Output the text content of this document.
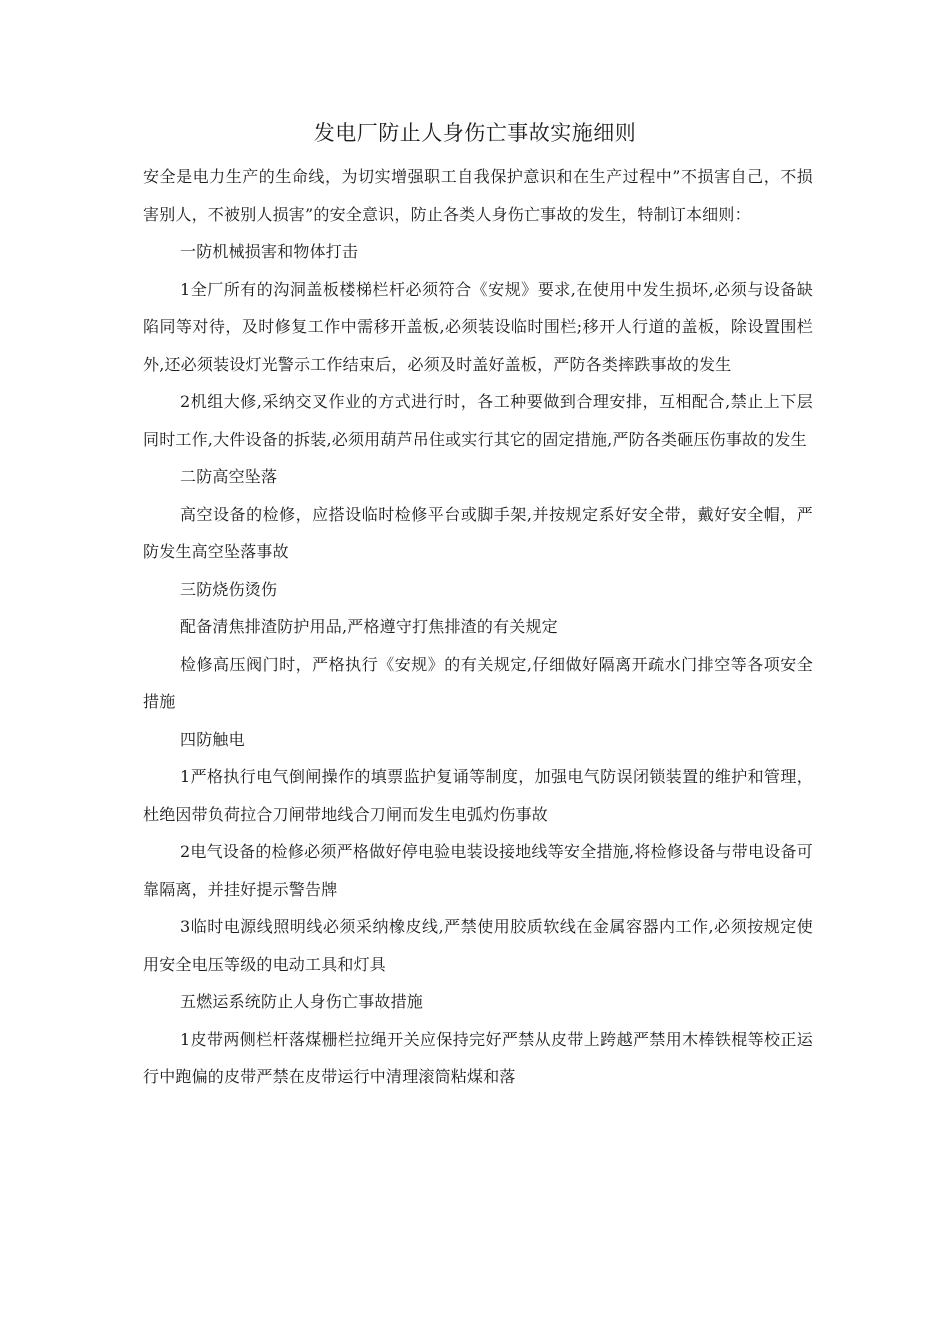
发电厂防止人身伤亡事故实施细则

安全是电力生产的生命线，为切实增强职工自我保护意识和在生产过程中”不损害自己，不损害别人，不被别人损害”的安全意识，防止各类人身伤亡事故的发生，特制订本细则：

一防机械损害和物体打击

1全厂所有的沟洞盖板楼梯栏杆必须符合《安规》要求,在使用中发生损坏,必须与设备缺陷同等对待，及时修复工作中需移开盖板,必须装设临时围栏;移开人行道的盖板，除设置围栏外,还必须装设灯光警示工作结束后，必须及时盖好盖板，严防各类摔跌事故的发生

2机组大修,采纳交叉作业的方式进行时，各工种要做到合理安排，互相配合,禁止上下层同时工作,大件设备的拆装,必须用葫芦吊住或实行其它的固定措施,严防各类砸压伤事故的发生

二防高空坠落

高空设备的检修，应搭设临时检修平台或脚手架,并按规定系好安全带，戴好安全帽，严防发生高空坠落事故

三防烧伤烫伤

配备清焦排渣防护用品,严格遵守打焦排渣的有关规定

检修高压阀门时，严格执行《安规》的有关规定,仔细做好隔离开疏水门排空等各项安全措施

四防触电

1严格执行电气倒闸操作的填票监护复诵等制度，加强电气防误闭锁装置的维护和管理，杜绝因带负荷拉合刀闸带地线合刀闸而发生电弧灼伤事故

2电气设备的检修必须严格做好停电验电装设接地线等安全措施,将检修设备与带电设备可靠隔离，并挂好提示警告牌

3临时电源线照明线必须采纳橡皮线,严禁使用胶质软线在金属容器内工作,必须按规定使用安全电压等级的电动工具和灯具

五燃运系统防止人身伤亡事故措施

1皮带两侧栏杆落煤栅栏拉绳开关应保持完好严禁从皮带上跨越严禁用木棒铁棍等校正运行中跑偏的皮带严禁在皮带运行中清理滚筒粘煤和落
